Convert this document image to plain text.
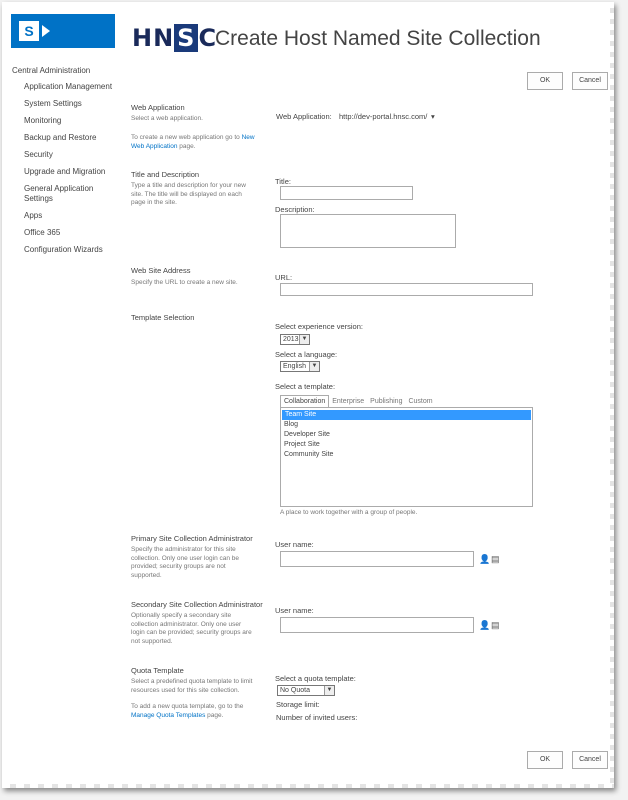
S	HN S C
Create Host Named Site Collection
Central Administration
Application Management
System Settings
Monitoring
Backup and Restore
Security
Upgrade and Migration
General Application Settings
Apps
Office 365
Configuration Wizards
OK	Cancel
Web Application
Select a web application.
To create a new web application go to New Web Application page.
Web Application: http://dev-portal.hnsc.com/ ▾
Title and Description
Type a title and description for your new site. The title will be displayed on each page in the site.
Title:
Description:
Web Site Address
Specify the URL to create a new site.
URL:
Template Selection
Select experience version:
2013 ▼
Select a language:
English ▼
Select a template:
Collaboration Enterprise Publishing Custom
Team Site
Blog
Developer Site
Project Site
Community Site
A place to work together with a group of people.
Primary Site Collection Administrator
Specify the administrator for this site collection. Only one user login can be provided; security groups are not supported.
User name:
👤 ▤
Secondary Site Collection Administrator
Optionally specify a secondary site collection administrator. Only one user login can be provided; security groups are not supported.
User name:
👤 ▤
Quota Template
Select a predefined quota template to limit resources used for this site collection.
To add a new quota template, go to the Manage Quota Templates page.
Select a quota template:
No Quota	▼
Storage limit:
Number of invited users:
OK	Cancel
